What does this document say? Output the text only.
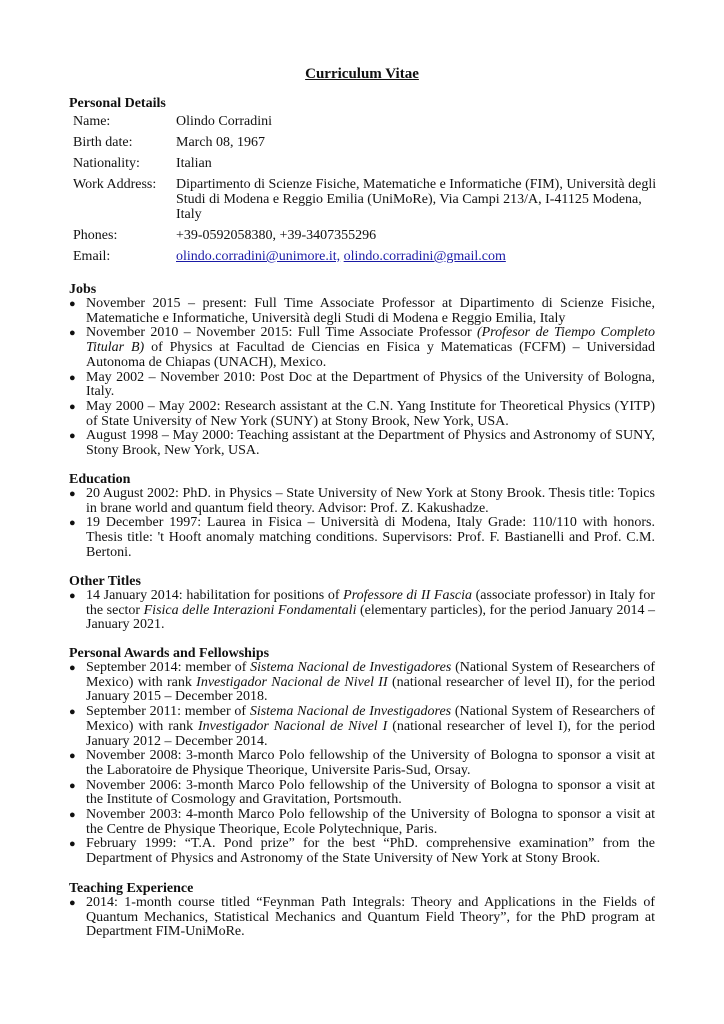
Curriculum Vitae
Personal Details
Name:	Olindo Corradini
Birth date:	March 08, 1967
Nationality:	Italian
Work Address:	Dipartimento di Scienze Fisiche, Matematiche e Informatiche (FIM), Università degli Studi di Modena e Reggio Emilia (UniMoRe), Via Campi 213/A, I-41125 Modena, Italy
Phones:	+39-0592058380, +39-3407355296
Email:	olindo.corradini@unimore.it, olindo.corradini@gmail.com
Jobs
● November 2015 – present: Full Time Associate Professor at Dipartimento di Scienze Fisiche, Matematiche e Informatiche, Università degli Studi di Modena e Reggio Emilia, Italy
● November 2010 – November 2015: Full Time Associate Professor (Profesor de Tiempo Completo Titular B) of Physics at Facultad de Ciencias en Fisica y Matematicas (FCFM) – Universidad Autonoma de Chiapas (UNACH), Mexico.
● May 2002 – November 2010: Post Doc at the Department of Physics of the University of Bologna, Italy.
● May 2000 – May 2002: Research assistant at the C.N. Yang Institute for Theoretical Physics (YITP) of State University of New York (SUNY) at Stony Brook, New York, USA.
● August 1998 – May 2000: Teaching assistant at the Department of Physics and Astronomy of SUNY, Stony Brook, New York, USA.
Education
● 20 August 2002: PhD. in Physics – State University of New York at Stony Brook. Thesis title: Topics in brane world and quantum field theory. Advisor: Prof. Z. Kakushadze.
● 19 December 1997: Laurea in Fisica – Università di Modena, Italy Grade: 110/110 with honors. Thesis title: 't Hooft anomaly matching conditions. Supervisors: Prof. F. Bastianelli and Prof. C.M. Bertoni.
Other Titles
● 14 January 2014: habilitation for positions of Professore di II Fascia (associate professor) in Italy for the sector Fisica delle Interazioni Fondamentali (elementary particles), for the period January 2014 – January 2021.
Personal Awards and Fellowships
● September 2014: member of Sistema Nacional de Investigadores (National System of Researchers of Mexico) with rank Investigador Nacional de Nivel II (national researcher of level II), for the period January 2015 – December 2018.
● September 2011: member of Sistema Nacional de Investigadores (National System of Researchers of Mexico) with rank Investigador Nacional de Nivel I (national researcher of level I), for the period January 2012 – December 2014.
● November 2008: 3-month Marco Polo fellowship of the University of Bologna to sponsor a visit at the Laboratoire de Physique Theorique, Universite Paris-Sud, Orsay.
● November 2006: 3-month Marco Polo fellowship of the University of Bologna to sponsor a visit at the Institute of Cosmology and Gravitation, Portsmouth.
● November 2003: 4-month Marco Polo fellowship of the University of Bologna to sponsor a visit at the Centre de Physique Theorique, Ecole Polytechnique, Paris.
● February 1999: “T.A. Pond prize” for the best “PhD. comprehensive examination” from the Department of Physics and Astronomy of the State University of New York at Stony Brook.
Teaching Experience
● 2014: 1-month course titled “Feynman Path Integrals: Theory and Applications in the Fields of Quantum Mechanics, Statistical Mechanics and Quantum Field Theory”, for the PhD program at Department FIM-UniMoRe.
